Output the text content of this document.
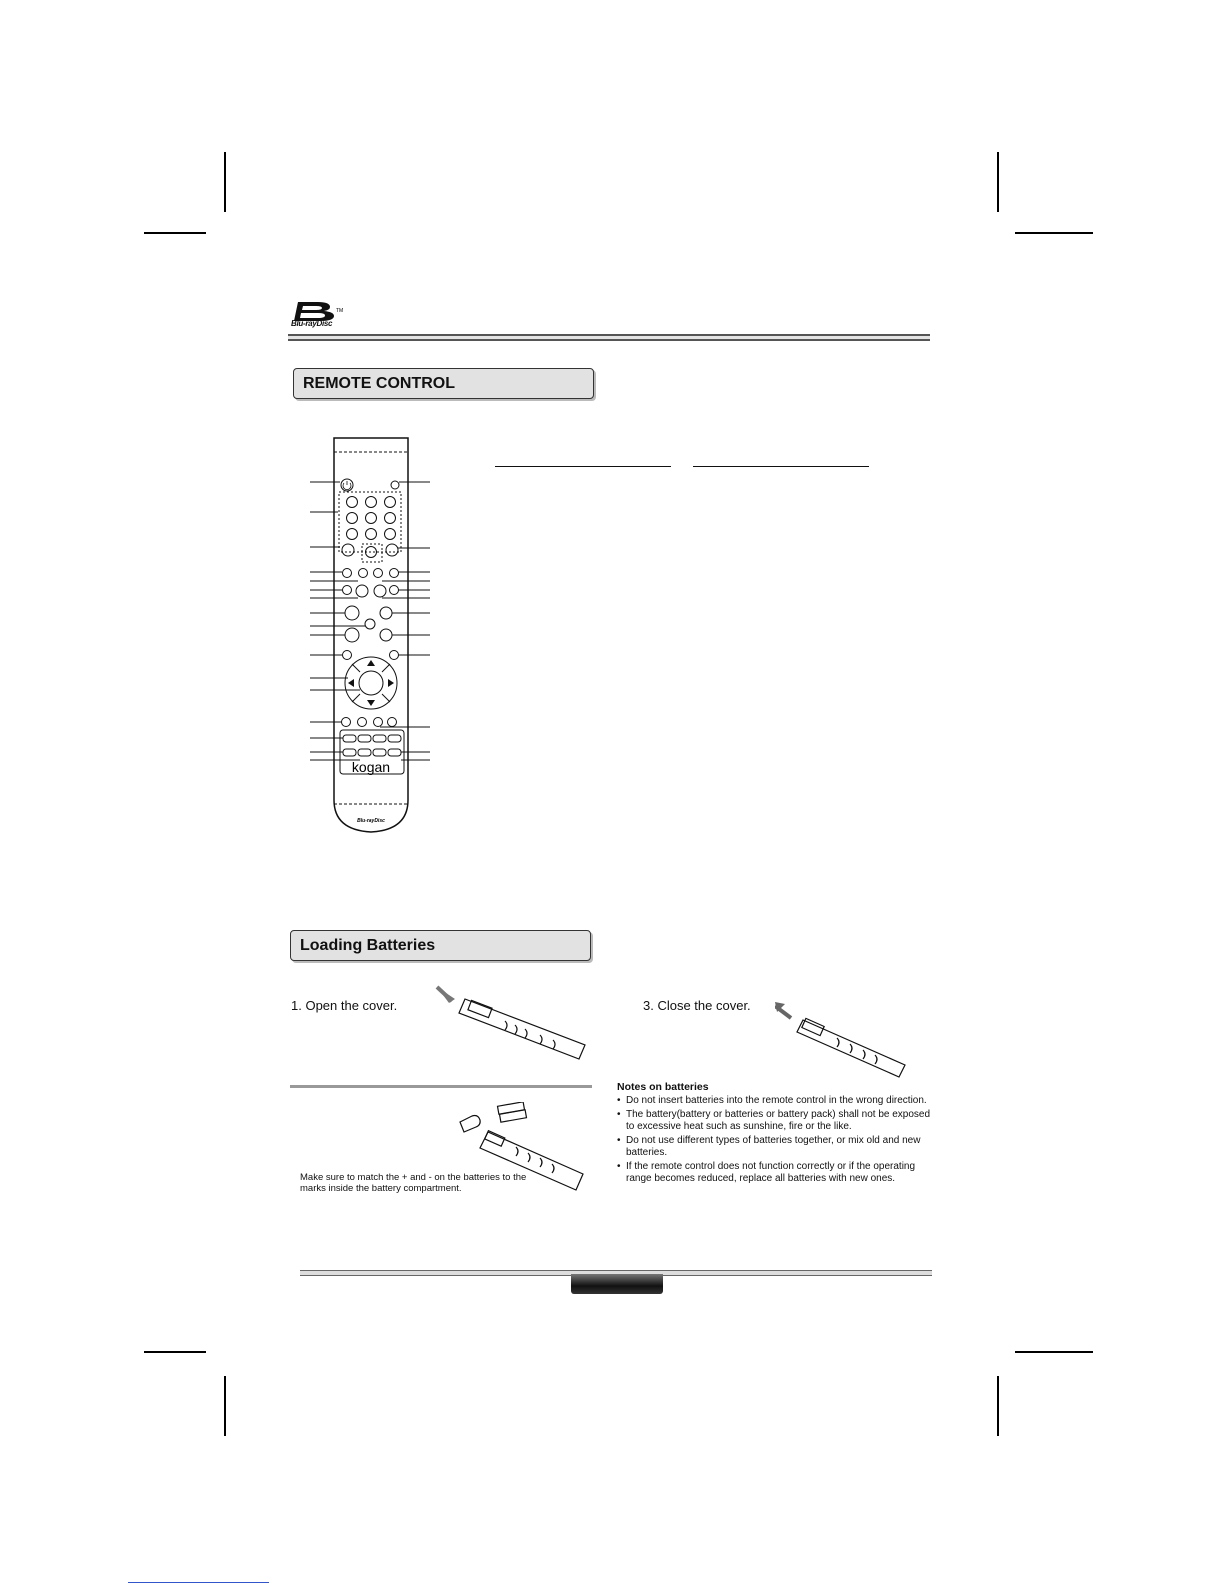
TM
Blu-rayDisc
REMOTE CONTROL
kogan
Blu-rayDisc
Loading Batteries
1. Open the cover.	3. Close the cover.
Make sure to match the + and - on the batteries to the marks inside the battery compartment.
Notes on batteries
• Do not insert batteries into the remote control in the wrong direction.
• The battery(battery or batteries or battery pack) shall not be exposed to excessive heat such as sunshine, fire or the like.
• Do not use different types of batteries together, or mix old and new batteries.
• If the remote control does not function correctly or if the operating range becomes reduced, replace all batteries with new ones.
